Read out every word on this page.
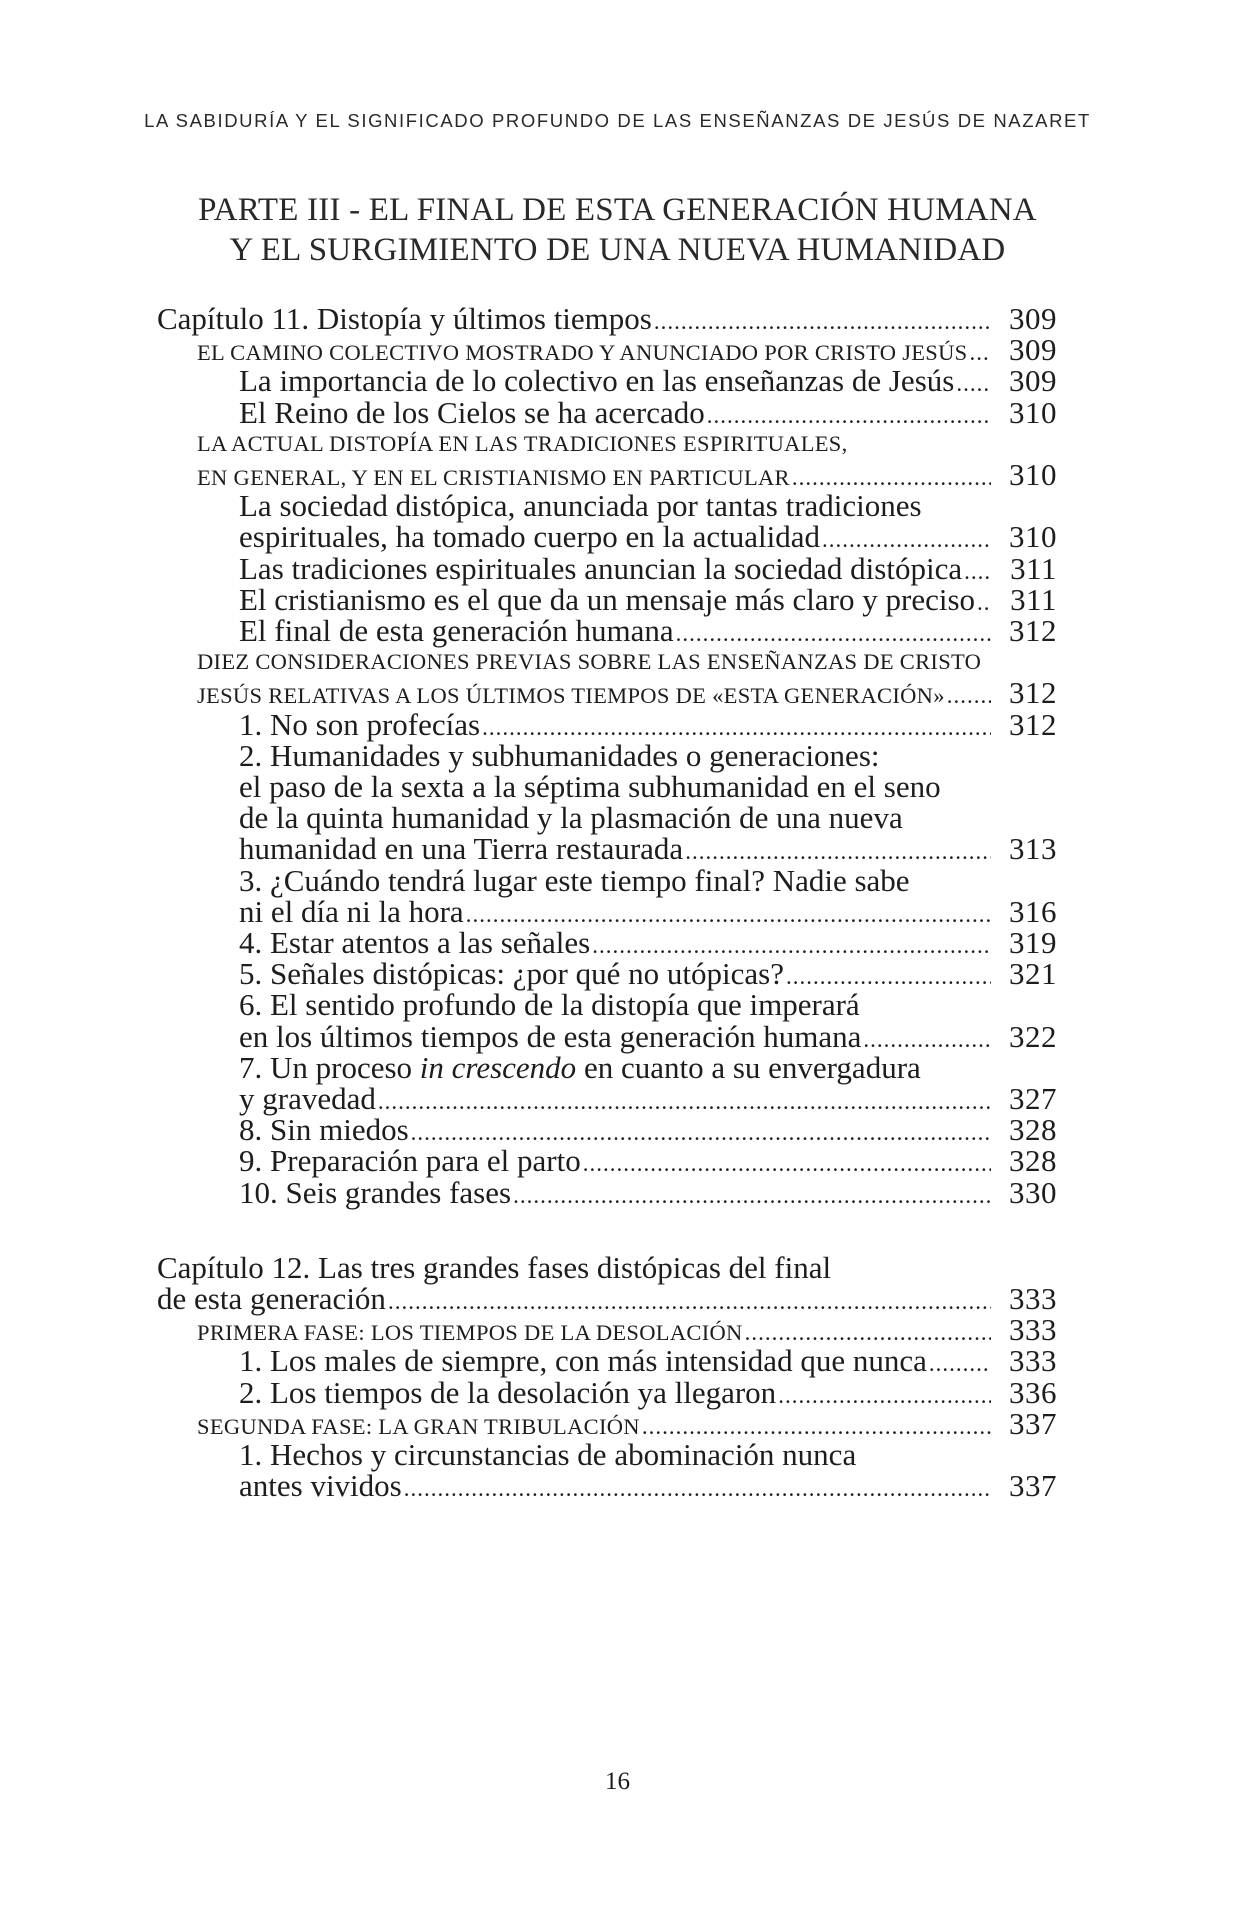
LA SABIDURÍA Y EL SIGNIFICADO PROFUNDO DE LAS ENSEÑANZAS DE JESÚS DE NAZARET
PARTE III - EL FINAL DE ESTA GENERACIÓN HUMANA
Y EL SURGIMIENTO DE UNA NUEVA HUMANIDAD
Capítulo 11. Distopía y últimos tiempos .....	309
EL CAMINO COLECTIVO MOSTRADO Y ANUNCIADO POR CRISTO JESÚS .....	309
La importancia de lo colectivo en las enseñanzas de Jesús .....	309
El Reino de los Cielos se ha acercado .....	310
LA ACTUAL DISTOPÍA EN LAS TRADICIONES ESPIRITUALES,
EN GENERAL, Y EN EL CRISTIANISMO EN PARTICULAR .....	310
La sociedad distópica, anunciada por tantas tradiciones
espirituales, ha tomado cuerpo en la actualidad .....	310
Las tradiciones espirituales anuncian la sociedad distópica .....	311
El cristianismo es el que da un mensaje más claro y preciso .....	311
El final de esta generación humana .....	312
DIEZ CONSIDERACIONES PREVIAS SOBRE LAS ENSEÑANZAS DE CRISTO
JESÚS RELATIVAS A LOS ÚLTIMOS TIEMPOS DE «ESTA GENERACIÓN» .....	312
1. No son profecías .....	312
2. Humanidades y subhumanidades o generaciones:
el paso de la sexta a la séptima subhumanidad en el seno
de la quinta humanidad y la plasmación de una nueva
humanidad en una Tierra restaurada .....	313
3. ¿Cuándo tendrá lugar este tiempo final? Nadie sabe
ni el día ni la hora .....	316
4. Estar atentos a las señales .....	319
5. Señales distópicas: ¿por qué no utópicas? .....	321
6. El sentido profundo de la distopía que imperará
en los últimos tiempos de esta generación humana .....	322
7. Un proceso in crescendo en cuanto a su envergadura
y gravedad .....	327
8. Sin miedos .....	328
9. Preparación para el parto .....	328
10. Seis grandes fases .....	330
Capítulo 12. Las tres grandes fases distópicas del final
de esta generación .....	333
PRIMERA FASE: LOS TIEMPOS DE LA DESOLACIÓN .....	333
1. Los males de siempre, con más intensidad que nunca .....	333
2. Los tiempos de la desolación ya llegaron .....	336
SEGUNDA FASE: LA GRAN TRIBULACIÓN .....	337
1. Hechos y circunstancias de abominación nunca
antes vividos .....	337
16
